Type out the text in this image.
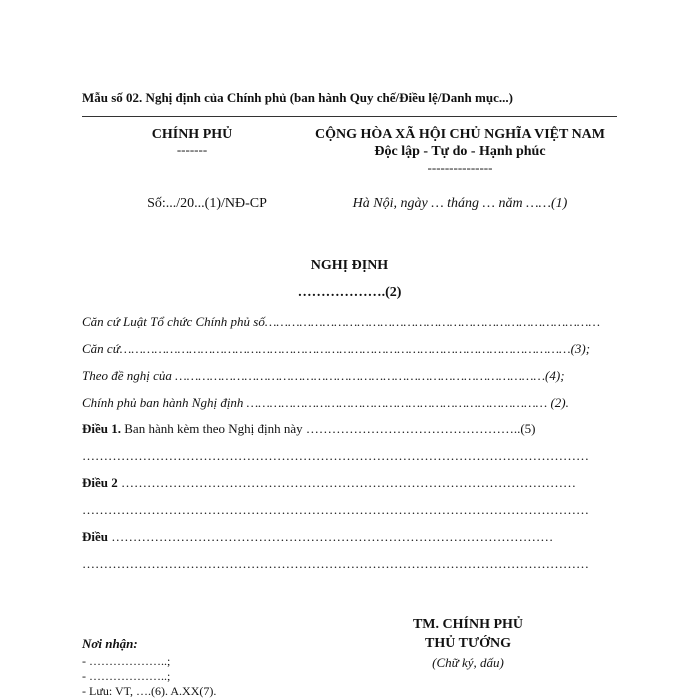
Mẫu số 02. Nghị định của Chính phủ (ban hành Quy chế/Điều lệ/Danh mục...)
CHÍNH PHỦ
-------
CỘNG HÒA XÃ HỘI CHỦ NGHĨA VIỆT NAM
Độc lập - Tự do - Hạnh phúc
---------------
Số:.../20...(1)/NĐ-CP	Hà Nội, ngày … tháng … năm ……(1)
NGHỊ ĐỊNH
……………….(2)
Căn cứ Luật Tổ chức Chính phủ số……………………………………………………………………………
Căn cứ………………………………………………………………………………………………………(3);
Theo đề nghị của ……………………………………………………………………………………(4);
Chính phủ ban hành Nghị định …………………………………………………………………… (2).
Điều 1. Ban hành kèm theo Nghị định này …………………………………………..(5)
………………………………………………………………………………………………………
Điều 2 ……………………………………………………………………………………………
………………………………………………………………………………………………………
Điều …………………………………………………………………………………………
………………………………………………………………………………………………………
TM. CHÍNH PHỦ
THỦ TƯỚNG
(Chữ ký, dấu)
Nơi nhận:
- ………………..;
- ………………..;
- Lưu: VT, ….(6). A.XX(7).
